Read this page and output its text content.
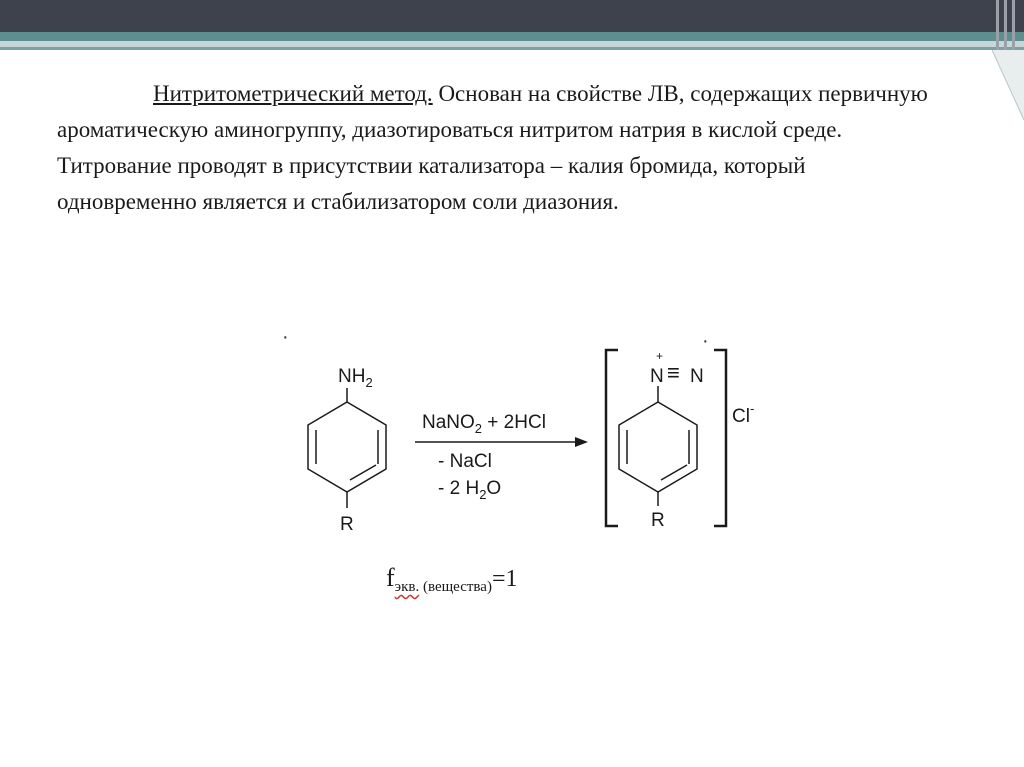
Нитритометрический метод. Основан на свойстве ЛВ, содержащих первичную ароматическую аминогруппу, диазотироваться нитритом натрия в кислой среде. Титрование проводят в присутствии катализатора – калия бромида, который одновременно является и стабилизатором соли диазония.
·	·
$NH_2$
R
NaNO$_2$ + 2HCl
- NaCl
- 2 $H_2O$
N
+
≡ N
R
Cl-
$f_{экв. (вещества)}=1$
